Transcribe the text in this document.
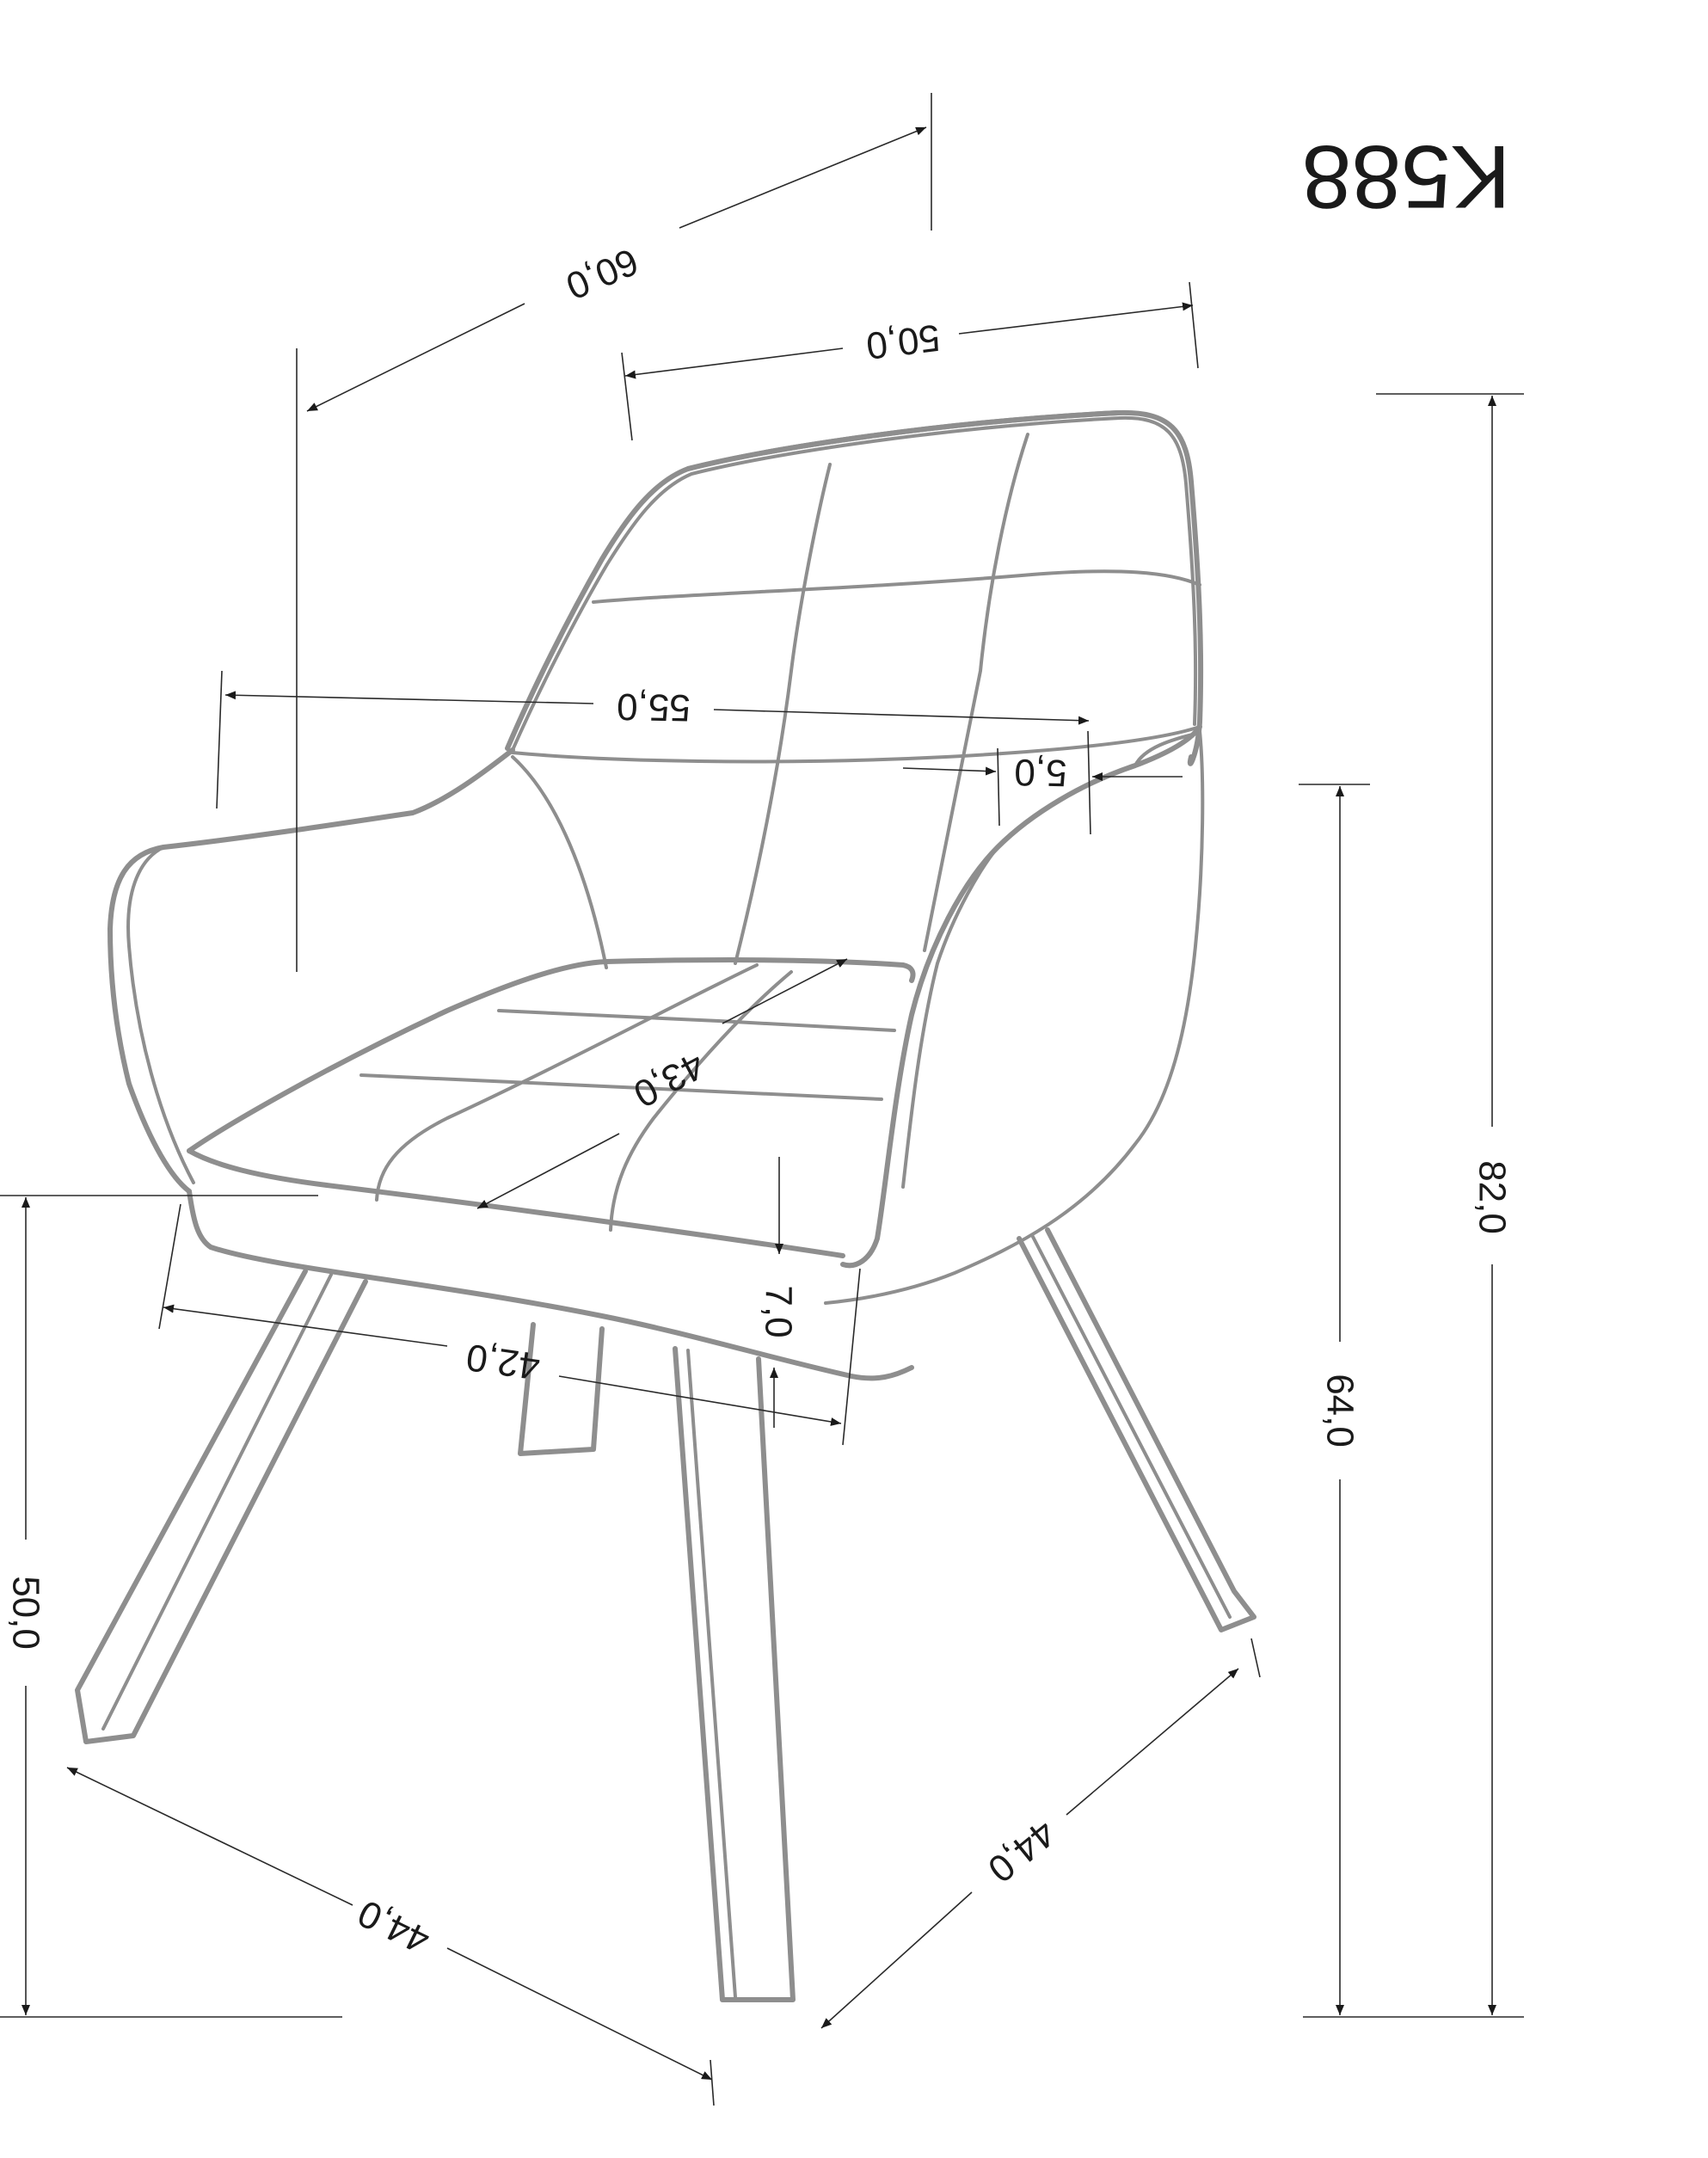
K588
60,0
50,0
55,0
5,0
43,0
7,0
42,0
44,0
44,0
82,0
64,0
50,0
